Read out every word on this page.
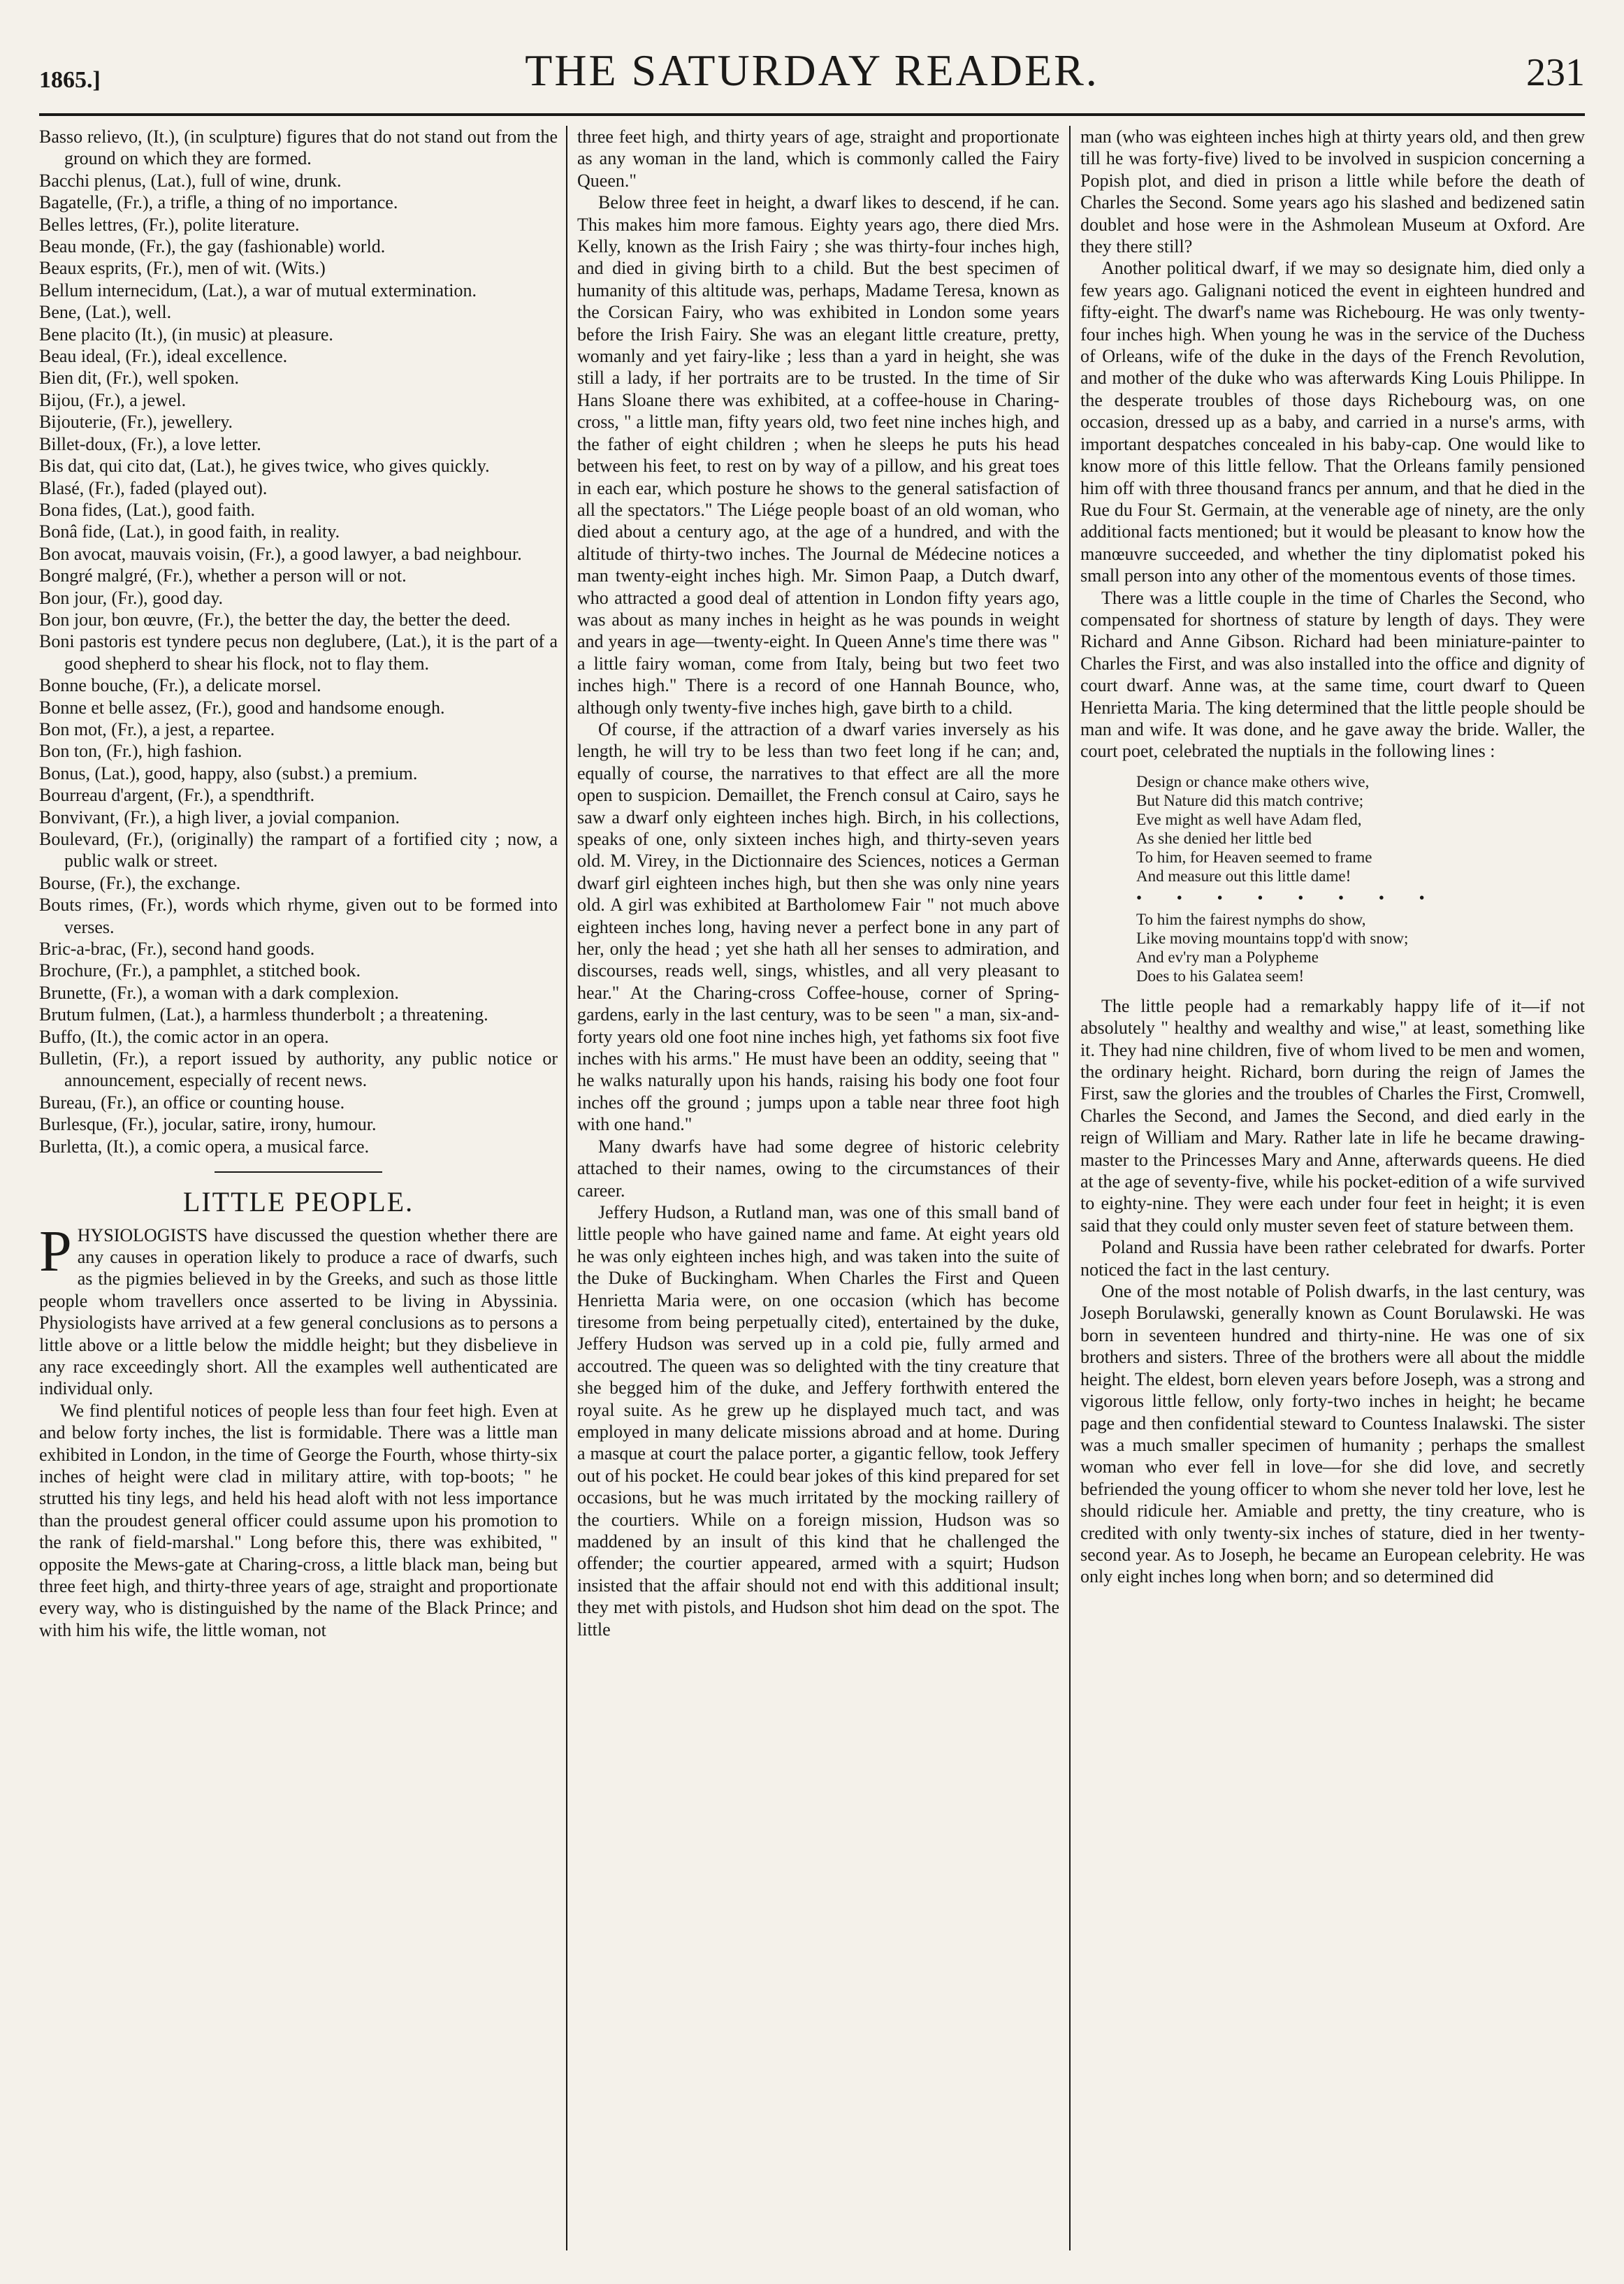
1865.]	THE SATURDAY READER.	231

Basso relievo, (It.), (in sculpture) figures that do not stand out from the ground on which they are formed.

Bacchi plenus, (Lat.), full of wine, drunk.

Bagatelle, (Fr.), a trifle, a thing of no importance.

Belles lettres, (Fr.), polite literature.

Beau monde, (Fr.), the gay (fashionable) world.

Beaux esprits, (Fr.), men of wit. (Wits.)

Bellum internecidum, (Lat.), a war of mutual extermination.

Bene, (Lat.), well.

Bene placito (It.), (in music) at pleasure.

Beau ideal, (Fr.), ideal excellence.

Bien dit, (Fr.), well spoken.

Bijou, (Fr.), a jewel.

Bijouterie, (Fr.), jewellery.

Billet-doux, (Fr.), a love letter.

Bis dat, qui cito dat, (Lat.), he gives twice, who gives quickly.

Blasé, (Fr.), faded (played out).

Bona fides, (Lat.), good faith.

Bonâ fide, (Lat.), in good faith, in reality.

Bon avocat, mauvais voisin, (Fr.), a good lawyer, a bad neighbour.

Bongré malgré, (Fr.), whether a person will or not.

Bon jour, (Fr.), good day.

Bon jour, bon œuvre, (Fr.), the better the day, the better the deed.

Boni pastoris est tyndere pecus non deglubere, (Lat.), it is the part of a good shepherd to shear his flock, not to flay them.

Bonne bouche, (Fr.), a delicate morsel.

Bonne et belle assez, (Fr.), good and handsome enough.

Bon mot, (Fr.), a jest, a repartee.

Bon ton, (Fr.), high fashion.

Bonus, (Lat.), good, happy, also (subst.) a premium.

Bourreau d'argent, (Fr.), a spendthrift.

Bonvivant, (Fr.), a high liver, a jovial companion.

Boulevard, (Fr.), (originally) the rampart of a fortified city ; now, a public walk or street.

Bourse, (Fr.), the exchange.

Bouts rimes, (Fr.), words which rhyme, given out to be formed into verses.

Bric-a-brac, (Fr.), second hand goods.

Brochure, (Fr.), a pamphlet, a stitched book.

Brunette, (Fr.), a woman with a dark complexion.

Brutum fulmen, (Lat.), a harmless thunderbolt ; a threatening.

Buffo, (It.), the comic actor in an opera.

Bulletin, (Fr.), a report issued by authority, any public notice or announcement, especially of recent news.

Bureau, (Fr.), an office or counting house.

Burlesque, (Fr.), jocular, satire, irony, humour.

Burletta, (It.), a comic opera, a musical farce.

LITTLE PEOPLE.

PHYSIOLOGISTS have discussed the question whether there are any causes in operation likely to produce a race of dwarfs, such as the pigmies believed in by the Greeks, and such as those little people whom travellers once asserted to be living in Abyssinia. Physiologists have arrived at a few general conclusions as to persons a little above or a little below the middle height; but they disbelieve in any race exceedingly short. All the examples well authenticated are individual only.

We find plentiful notices of people less than four feet high. Even at and below forty inches, the list is formidable. There was a little man exhibited in London, in the time of George the Fourth, whose thirty-six inches of height were clad in military attire, with top-boots; " he strutted his tiny legs, and held his head aloft with not less importance than the proudest general officer could assume upon his promotion to the rank of field-marshal." Long before this, there was exhibited, " opposite the Mews-gate at Charing-cross, a little black man, being but three feet high, and thirty-three years of age, straight and proportionate every way, who is distinguished by the name of the Black Prince; and with him his wife, the little woman, not

three feet high, and thirty years of age, straight and proportionate as any woman in the land, which is commonly called the Fairy Queen."

Below three feet in height, a dwarf likes to descend, if he can. This makes him more famous. Eighty years ago, there died Mrs. Kelly, known as the Irish Fairy ; she was thirty-four inches high, and died in giving birth to a child. But the best specimen of humanity of this altitude was, perhaps, Madame Teresa, known as the Corsican Fairy, who was exhibited in London some years before the Irish Fairy. She was an elegant little creature, pretty, womanly and yet fairy-like ; less than a yard in height, she was still a lady, if her portraits are to be trusted. In the time of Sir Hans Sloane there was exhibited, at a coffee-house in Charing-cross, " a little man, fifty years old, two feet nine inches high, and the father of eight children ; when he sleeps he puts his head between his feet, to rest on by way of a pillow, and his great toes in each ear, which posture he shows to the general satisfaction of all the spectators." The Liége people boast of an old woman, who died about a century ago, at the age of a hundred, and with the altitude of thirty-two inches. The Journal de Médecine notices a man twenty-eight inches high. Mr. Simon Paap, a Dutch dwarf, who attracted a good deal of attention in London fifty years ago, was about as many inches in height as he was pounds in weight and years in age—twenty-eight. In Queen Anne's time there was " a little fairy woman, come from Italy, being but two feet two inches high." There is a record of one Hannah Bounce, who, although only twenty-five inches high, gave birth to a child.

Of course, if the attraction of a dwarf varies inversely as his length, he will try to be less than two feet long if he can; and, equally of course, the narratives to that effect are all the more open to suspicion. Demaillet, the French consul at Cairo, says he saw a dwarf only eighteen inches high. Birch, in his collections, speaks of one, only sixteen inches high, and thirty-seven years old. M. Virey, in the Dictionnaire des Sciences, notices a German dwarf girl eighteen inches high, but then she was only nine years old. A girl was exhibited at Bartholomew Fair " not much above eighteen inches long, having never a perfect bone in any part of her, only the head ; yet she hath all her senses to admiration, and discourses, reads well, sings, whistles, and all very pleasant to hear." At the Charing-cross Coffee-house, corner of Spring-gardens, early in the last century, was to be seen " a man, six-and-forty years old one foot nine inches high, yet fathoms six foot five inches with his arms." He must have been an oddity, seeing that " he walks naturally upon his hands, raising his body one foot four inches off the ground ; jumps upon a table near three foot high with one hand."

Many dwarfs have had some degree of historic celebrity attached to their names, owing to the circumstances of their career.

Jeffery Hudson, a Rutland man, was one of this small band of little people who have gained name and fame. At eight years old he was only eighteen inches high, and was taken into the suite of the Duke of Buckingham. When Charles the First and Queen Henrietta Maria were, on one occasion (which has become tiresome from being perpetually cited), entertained by the duke, Jeffery Hudson was served up in a cold pie, fully armed and accoutred. The queen was so delighted with the tiny creature that she begged him of the duke, and Jeffery forthwith entered the royal suite. As he grew up he displayed much tact, and was employed in many delicate missions abroad and at home. During a masque at court the palace porter, a gigantic fellow, took Jeffery out of his pocket. He could bear jokes of this kind prepared for set occasions, but he was much irritated by the mocking raillery of the courtiers. While on a foreign mission, Hudson was so maddened by an insult of this kind that he challenged the offender; the courtier appeared, armed with a squirt; Hudson insisted that the affair should not end with this additional insult; they met with pistols, and Hudson shot him dead on the spot. The little

man (who was eighteen inches high at thirty years old, and then grew till he was forty-five) lived to be involved in suspicion concerning a Popish plot, and died in prison a little while before the death of Charles the Second. Some years ago his slashed and bedizened satin doublet and hose were in the Ashmolean Museum at Oxford. Are they there still?

Another political dwarf, if we may so designate him, died only a few years ago. Galignani noticed the event in eighteen hundred and fifty-eight. The dwarf's name was Richebourg. He was only twenty-four inches high. When young he was in the service of the Duchess of Orleans, wife of the duke in the days of the French Revolution, and mother of the duke who was afterwards King Louis Philippe. In the desperate troubles of those days Richebourg was, on one occasion, dressed up as a baby, and carried in a nurse's arms, with important despatches concealed in his baby-cap. One would like to know more of this little fellow. That the Orleans family pensioned him off with three thousand francs per annum, and that he died in the Rue du Four St. Germain, at the venerable age of ninety, are the only additional facts mentioned; but it would be pleasant to know how the manœuvre succeeded, and whether the tiny diplomatist poked his small person into any other of the momentous events of those times.

There was a little couple in the time of Charles the Second, who compensated for shortness of stature by length of days. They were Richard and Anne Gibson. Richard had been miniature-painter to Charles the First, and was also installed into the office and dignity of court dwarf. Anne was, at the same time, court dwarf to Queen Henrietta Maria. The king determined that the little people should be man and wife. It was done, and he gave away the bride. Waller, the court poet, celebrated the nuptials in the following lines :

Design or chance make others wive,
But Nature did this match contrive;
Eve might as well have Adam fled,
As she denied her little bed
To him, for Heaven seemed to frame
And measure out this little dame!
• • • • • • • •
To him the fairest nymphs do show,
Like moving mountains topp'd with snow;
And ev'ry man a Polypheme
Does to his Galatea seem!

The little people had a remarkably happy life of it—if not absolutely " healthy and wealthy and wise," at least, something like it. They had nine children, five of whom lived to be men and women, the ordinary height. Richard, born during the reign of James the First, saw the glories and the troubles of Charles the First, Cromwell, Charles the Second, and James the Second, and died early in the reign of William and Mary. Rather late in life he became drawing-master to the Princesses Mary and Anne, afterwards queens. He died at the age of seventy-five, while his pocket-edition of a wife survived to eighty-nine. They were each under four feet in height; it is even said that they could only muster seven feet of stature between them.

Poland and Russia have been rather celebrated for dwarfs. Porter noticed the fact in the last century.

One of the most notable of Polish dwarfs, in the last century, was Joseph Borulawski, generally known as Count Borulawski. He was born in seventeen hundred and thirty-nine. He was one of six brothers and sisters. Three of the brothers were all about the middle height. The eldest, born eleven years before Joseph, was a strong and vigorous little fellow, only forty-two inches in height; he became page and then confidential steward to Countess Inalawski. The sister was a much smaller specimen of humanity ; perhaps the smallest woman who ever fell in love—for she did love, and secretly befriended the young officer to whom she never told her love, lest he should ridicule her. Amiable and pretty, the tiny creature, who is credited with only twenty-six inches of stature, died in her twenty-second year. As to Joseph, he became an European celebrity. He was only eight inches long when born; and so determined did
